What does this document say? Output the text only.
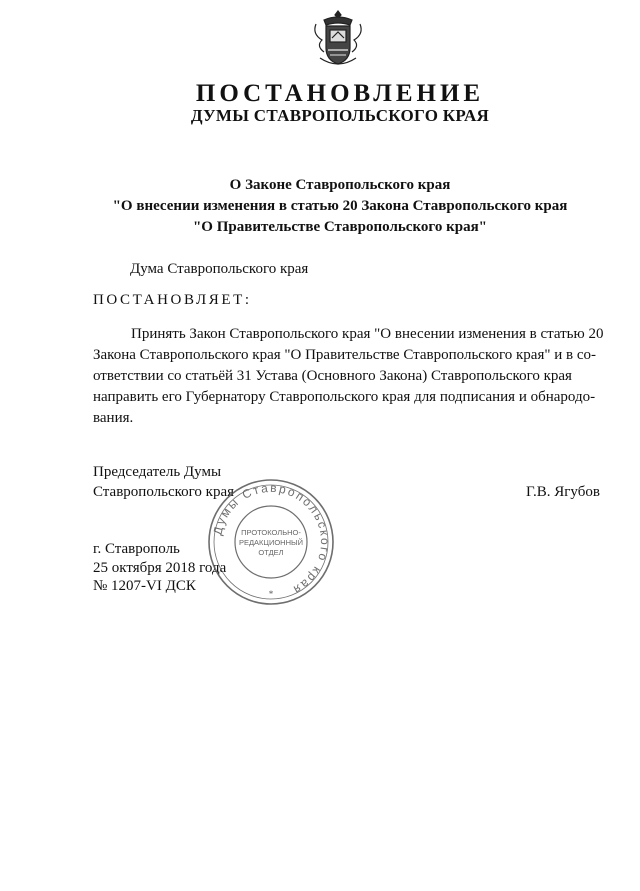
ПОСТАНОВЛЕНИЕ
ДУМЫ СТАВРОПОЛЬСКОГО КРАЯ
О Законе Ставропольского края
"О внесении изменения в статью 20 Закона Ставропольского края
"О Правительстве Ставропольского края"
Дума Ставропольского края
ПОСТАНОВЛЯЕТ:
Принять Закон Ставропольского края "О внесении изменения в статью 20
Закона Ставропольского края "О Правительстве Ставропольского края" и в со-
ответствии со статьёй 31 Устава (Основного Закона) Ставропольского края
направить его Губернатору Ставропольского края для подписания и обнародо-
вания.
Председатель Думы
Ставропольского края	Г.В. Ягубов
г. Ставрополь
25 октября 2018 года
№ 1207-VI ДСК
Думы Ставропольского края
ПРОТОКОЛЬНО-
РЕДАКЦИОННЫЙ
ОТДЕЛ
*
